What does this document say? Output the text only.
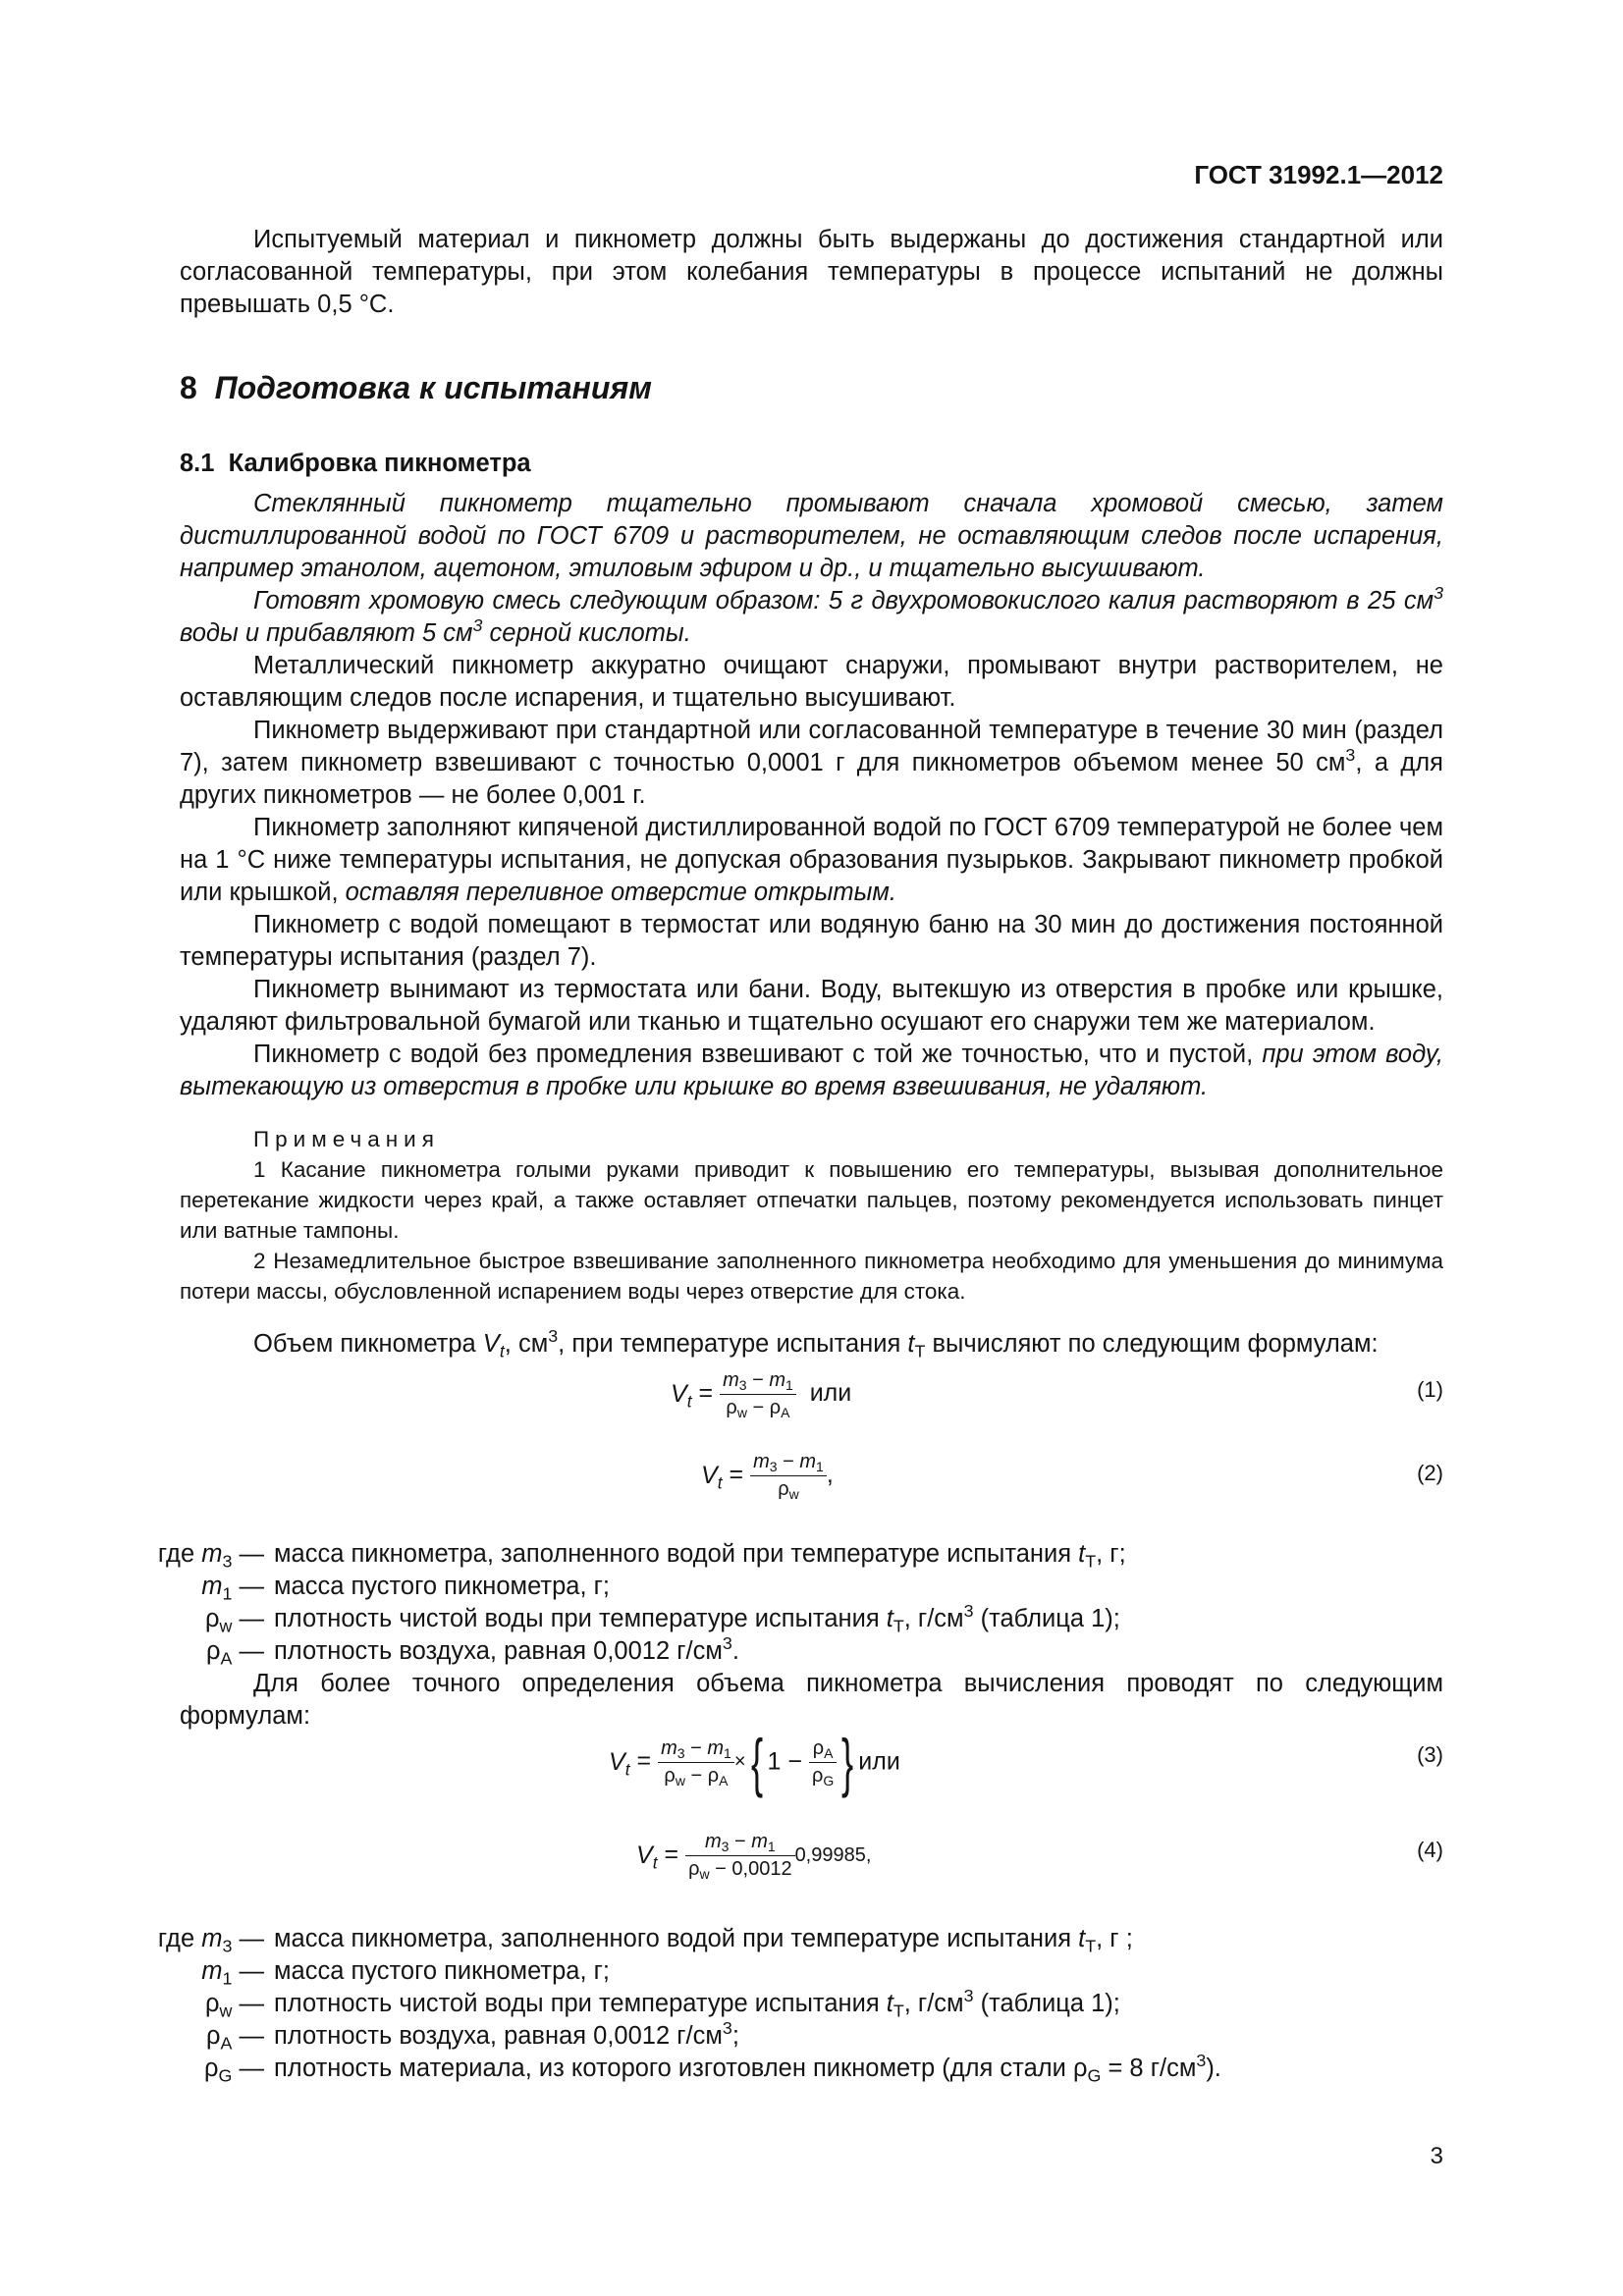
ГОСТ 31992.1—2012

Испытуемый материал и пикнометр должны быть выдержаны до достижения стандартной или согласованной температуры, при этом колебания температуры в процессе испытаний не должны превышать 0,5 °С.

8 Подготовка к испытаниям
8.1 Калибровка пикнометра

Стеклянный пикнометр тщательно промывают сначала хромовой смесью, затем дистиллированной водой по ГОСТ 6709 и растворителем, не оставляющим следов после испарения, например этанолом, ацетоном, этиловым эфиром и др., и тщательно высушивают.

Готовят хромовую смесь следующим образом: 5 г двухромовокислого калия растворяют в 25 $см^3$ воды и прибавляют 5 $см^3$ серной кислоты.

Металлический пикнометр аккуратно очищают снаружи, промывают внутри растворителем, не оставляющим следов после испарения, и тщательно высушивают.

Пикнометр выдерживают при стандартной или согласованной температуре в течение 30 мин (раздел 7), затем пикнометр взвешивают с точностью 0,0001 г для пикнометров объемом менее 50 $см^3$, а для других пикнометров — не более 0,001 г.

Пикнометр заполняют кипяченой дистиллированной водой по ГОСТ 6709 температурой не более чем на 1 °С ниже температуры испытания, не допуская образования пузырьков. Закрывают пикнометр пробкой или крышкой, оставляя переливное отверстие открытым.

Пикнометр с водой помещают в термостат или водяную баню на 30 мин до достижения постоянной температуры испытания (раздел 7).

Пикнометр вынимают из термостата или бани. Воду, вытекшую из отверстия в пробке или крышке, удаляют фильтровальной бумагой или тканью и тщательно осушают его снаружи тем же материалом.

Пикнометр с водой без промедления взвешивают с той же точностью, что и пустой, при этом воду, вытекающую из отверстия в пробке или крышке во время взвешивания, не удаляют.

Примечания

1 Касание пикнометра голыми руками приводит к повышению его температуры, вызывая дополнительное перетекание жидкости через край, а также оставляет отпечатки пальцев, поэтому рекомендуется использовать пинцет или ватные тампоны.

2 Незамедлительное быстрое взвешивание заполненного пикнометра необходимо для уменьшения до минимума потери массы, обусловленной испарением воды через отверстие для стока.

Объем пикнометра $V_t$, $см^3$, при температуре испытания $t_Т$ вычисляют по следующим формулам:

$V_t = \frac{m_3 - m_1}{\rho_w - \rho_A}$ или	(1)
$V_t = \frac{m_3 - m_1}{\rho_w}$ ,	(2)
где $m_3$ — масса пикнометра, заполненного водой при температуре испытания $t_Т$, г;
$m_1$ — масса пустого пикнометра, г;
$\rho_w$ — плотность чистой воды при температуре испытания $t_Т$, $г/см^3$ (таблица 1);
$\rho_A$ — плотность воздуха, равная 0,0012 $г/см^3$.

Для более точного определения объема пикнометра вычисления проводят по следующим формулам:

$V_t = \frac{m_3 - m_1}{\rho_w - \rho_A}$ ×{ $1 - \frac{\rho_A}{\rho_G}$ } или	(3)
$V_t = \frac{m_3 - m_1}{\rho_w - 0,0012} 0,99985$,	(4)
где $m_3$ — масса пикнометра, заполненного водой при температуре испытания $t_Т$, г ;
$m_1$ — масса пустого пикнометра, г;
$\rho_w$ — плотность чистой воды при температуре испытания $t_Т$, $г/см^3$ (таблица 1);
$\rho_A$ — плотность воздуха, равная 0,0012 $г/см^3$;
$\rho_G$ — плотность материала, из которого изготовлен пикнометр (для стали $\rho_G = 8$ $г/см^3$).
3
